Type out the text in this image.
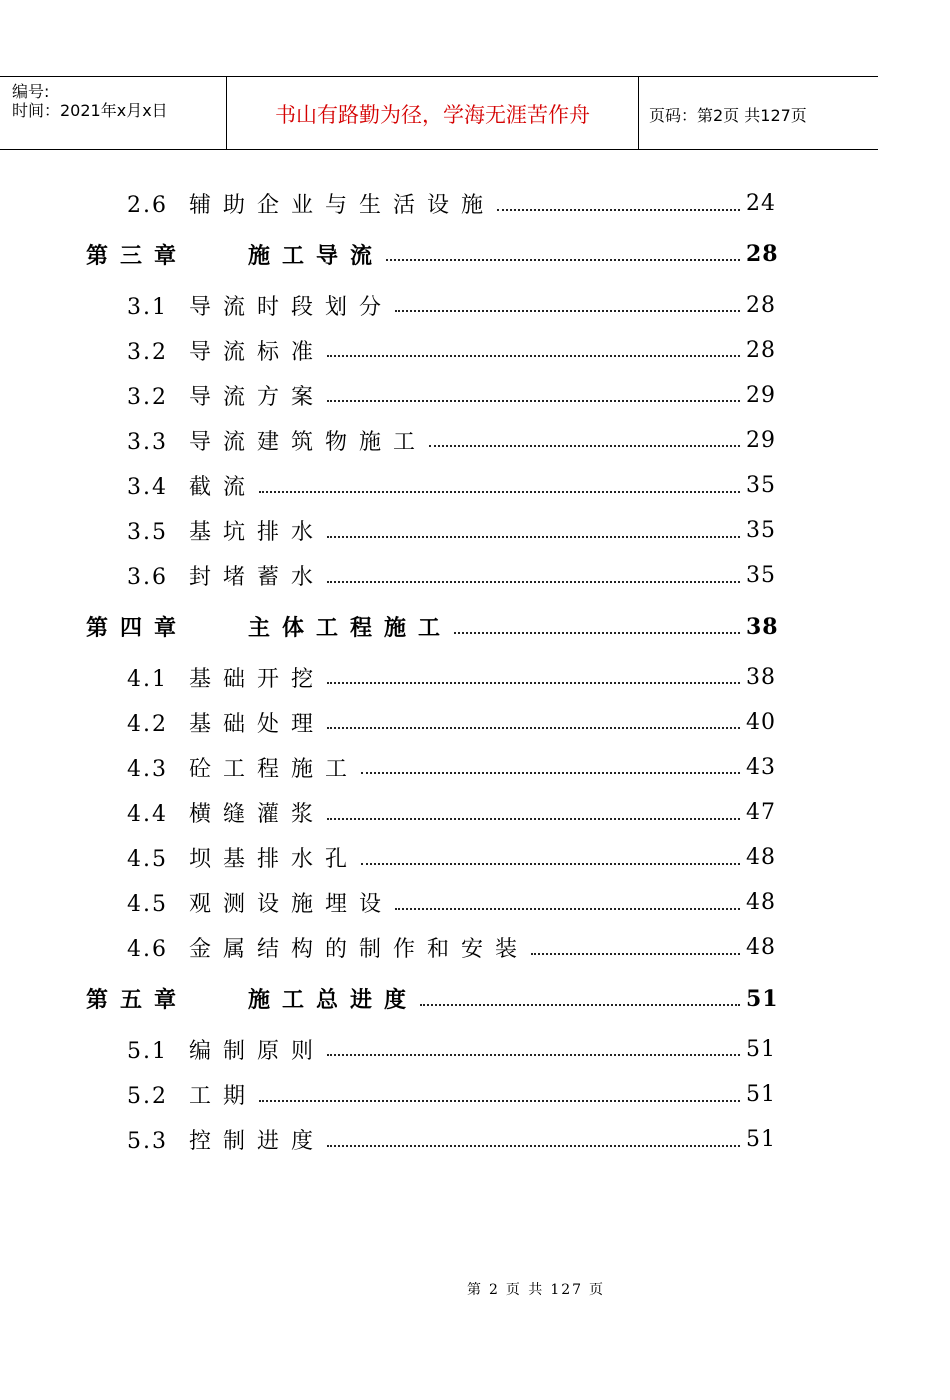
编号:
时间：2021年x月x日	书山有路勤为径，学海无涯苦作舟	页码：第2页 共127页
2.6 辅助企业与生活设施	24
第三章	施工导流	28
3.1 导流时段划分	28
3.2 导流标准	28
3.2 导流方案	29
3.3 导流建筑物施工	29
3.4 截流	35
3.5 基坑排水	35
3.6 封堵蓄水	35
第四章	主体工程施工	38
4.1 基础开挖	38
4.2 基础处理	40
4.3 砼工程施工	43
4.4 横缝灌浆	47
4.5 坝基排水孔	48
4.5 观测设施埋设	48
4.6 金属结构的制作和安装	48
第五章	施工总进度	51
5.1 编制原则	51
5.2 工期	51
5.3 控制进度	51
第 2 页 共 127 页
